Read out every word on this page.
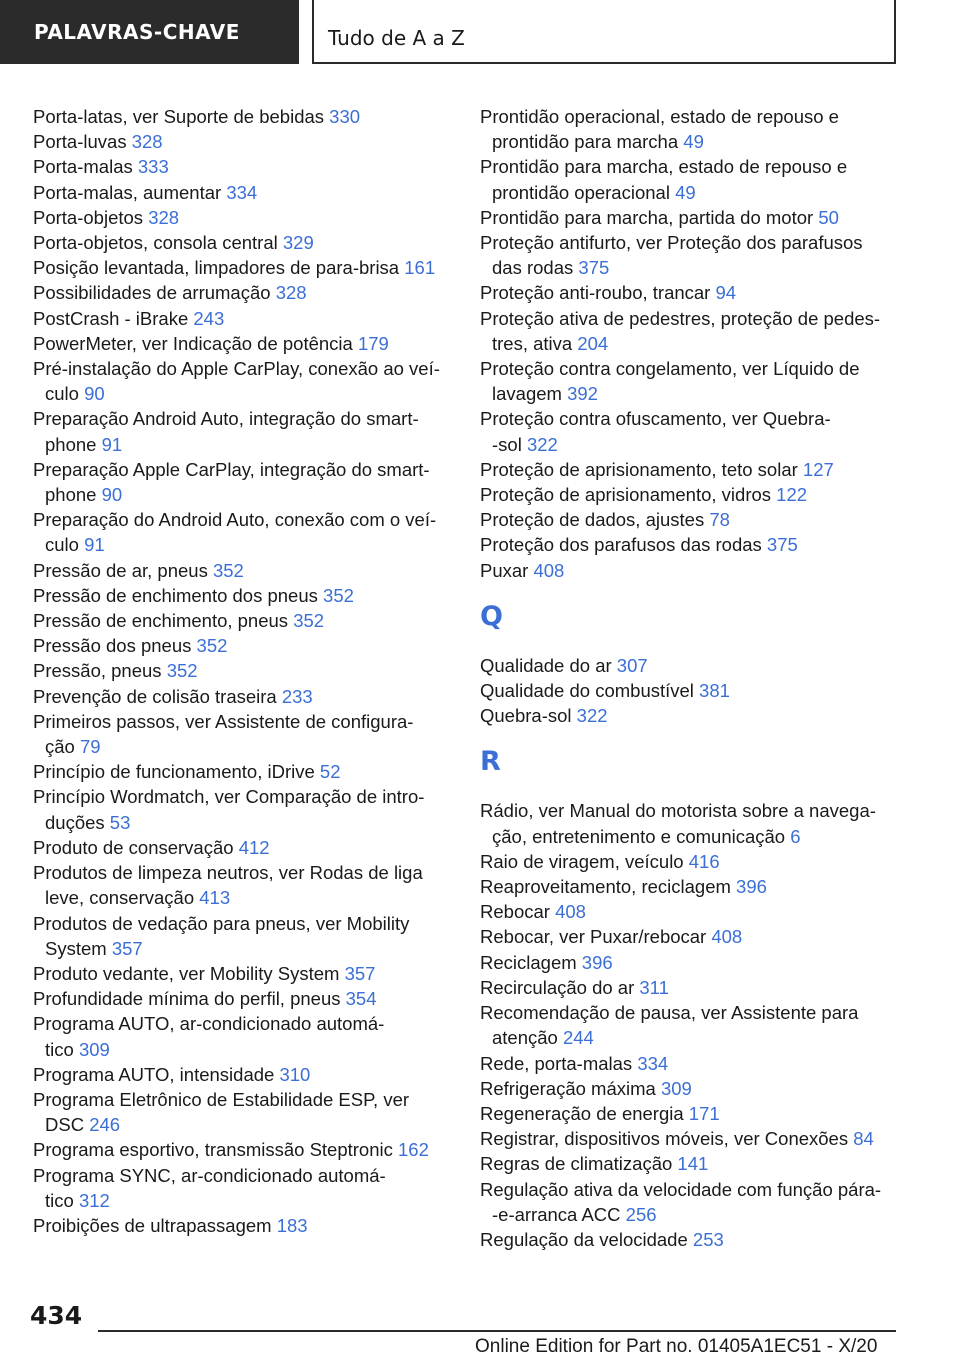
PALAVRAS-CHAVE	Tudo de A a Z
Porta-latas, ver Suporte de bebidas 330
Porta-luvas 328
Porta-malas 333
Porta-malas, aumentar 334
Porta-objetos 328
Porta-objetos, consola central 329
Posição levantada, limpadores de para-brisa 161
Possibilidades de arrumação 328
PostCrash - iBrake 243
PowerMeter, ver Indicação de potência 179
Pré-instalação do Apple CarPlay, conexão ao veí‐
culo 90
Preparação Android Auto, integração do smart‐
phone 91
Preparação Apple CarPlay, integração do smart‐
phone 90
Preparação do Android Auto, conexão com o veí‐
culo 91
Pressão de ar, pneus 352
Pressão de enchimento dos pneus 352
Pressão de enchimento, pneus 352
Pressão dos pneus 352
Pressão, pneus 352
Prevenção de colisão traseira 233
Primeiros passos, ver Assistente de configura‐
ção 79
Princípio de funcionamento, iDrive 52
Princípio Wordmatch, ver Comparação de intro‐
duções 53
Produto de conservação 412
Produtos de limpeza neutros, ver Rodas de liga
leve, conservação 413
Produtos de vedação para pneus, ver Mobility
System 357
Produto vedante, ver Mobility System 357
Profundidade mínima do perfil, pneus 354
Programa AUTO, ar-condicionado automá‐
tico 309
Programa AUTO, intensidade 310
Programa Eletrônico de Estabilidade ESP, ver
DSC 246
Programa esportivo, transmissão Steptronic 162
Programa SYNC, ar-condicionado automá‐
tico 312
Proibições de ultrapassagem 183
Prontidão operacional, estado de repouso e
prontidão para marcha 49
Prontidão para marcha, estado de repouso e
prontidão operacional 49
Prontidão para marcha, partida do motor 50
Proteção antifurto, ver Proteção dos parafusos
das rodas 375
Proteção anti-roubo, trancar 94
Proteção ativa de pedestres, proteção de pedes‐
tres, ativa 204
Proteção contra congelamento, ver Líquido de
lavagem 392
Proteção contra ofuscamento, ver Quebra‐
-sol 322
Proteção de aprisionamento, teto solar 127
Proteção de aprisionamento, vidros 122
Proteção de dados, ajustes 78
Proteção dos parafusos das rodas 375
Puxar 408
Q
Qualidade do ar 307
Qualidade do combustível 381
Quebra-sol 322
R
Rádio, ver Manual do motorista sobre a navega‐
ção, entretenimento e comunicação 6
Raio de viragem, veículo 416
Reaproveitamento, reciclagem 396
Rebocar 408
Rebocar, ver Puxar/rebocar 408
Reciclagem 396
Recirculação do ar 311
Recomendação de pausa, ver Assistente para
atenção 244
Rede, porta-malas 334
Refrigeração máxima 309
Regeneração de energia 171
Registrar, dispositivos móveis, ver Conexões 84
Regras de climatização 141
Regulação ativa da velocidade com função pára‐
-e-arranca ACC 256
Regulação da velocidade 253
434
Online Edition for Part no. 01405A1EC51 - X/20
